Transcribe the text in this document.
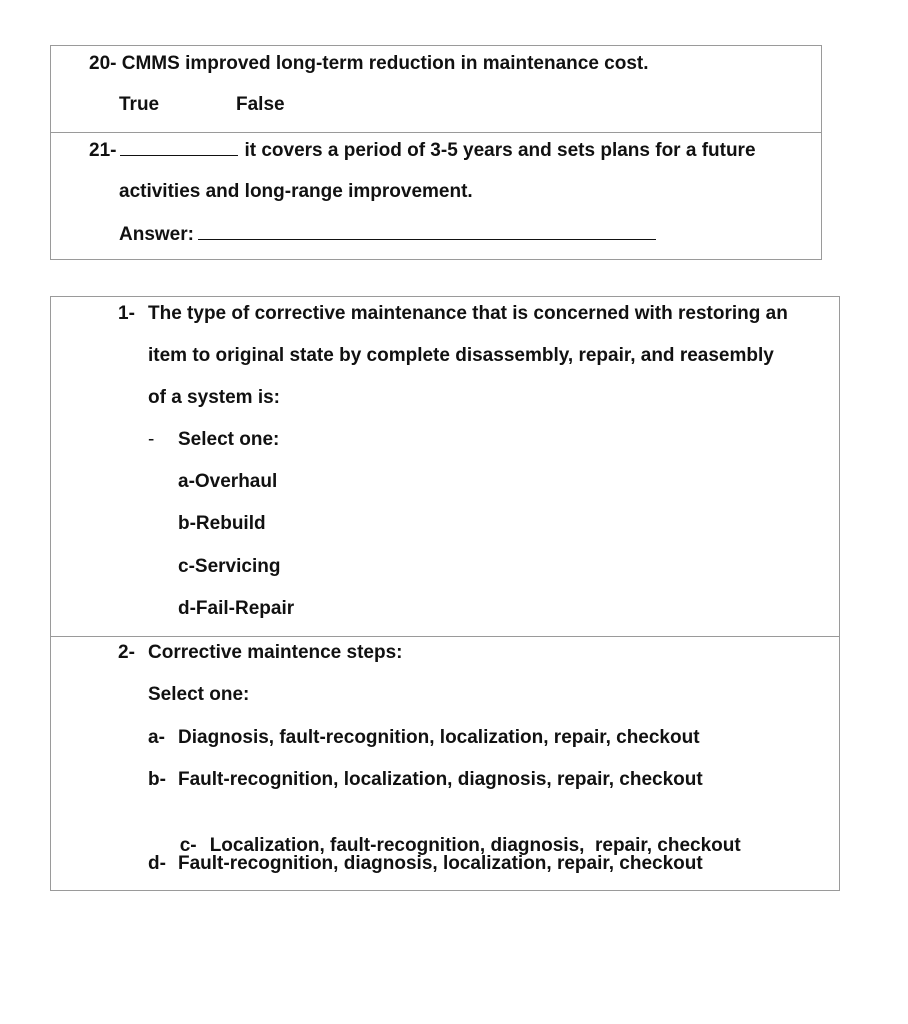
20- CMMS improved long-term reduction in maintenance cost.
True	False
21-	it covers a period of 3-5 years and sets plans for a future
activities and long-range improvement.
Answer:
1- The type of corrective maintenance that is concerned with restoring an
item to original state by complete disassembly, repair, and reasembly
of a system is:
- Select one:
a-Overhaul
b-Rebuild
c-Servicing
d-Fail-Repair
2- Corrective maintence steps:
Select one:
a- Diagnosis, fault-recognition, localization, repair, checkout
b- Fault-recognition, localization, diagnosis, repair, checkout

c- Localization, fault-recognition, diagnosis,  repair, checkout

d- Fault-recognition, diagnosis, localization, repair, checkout
